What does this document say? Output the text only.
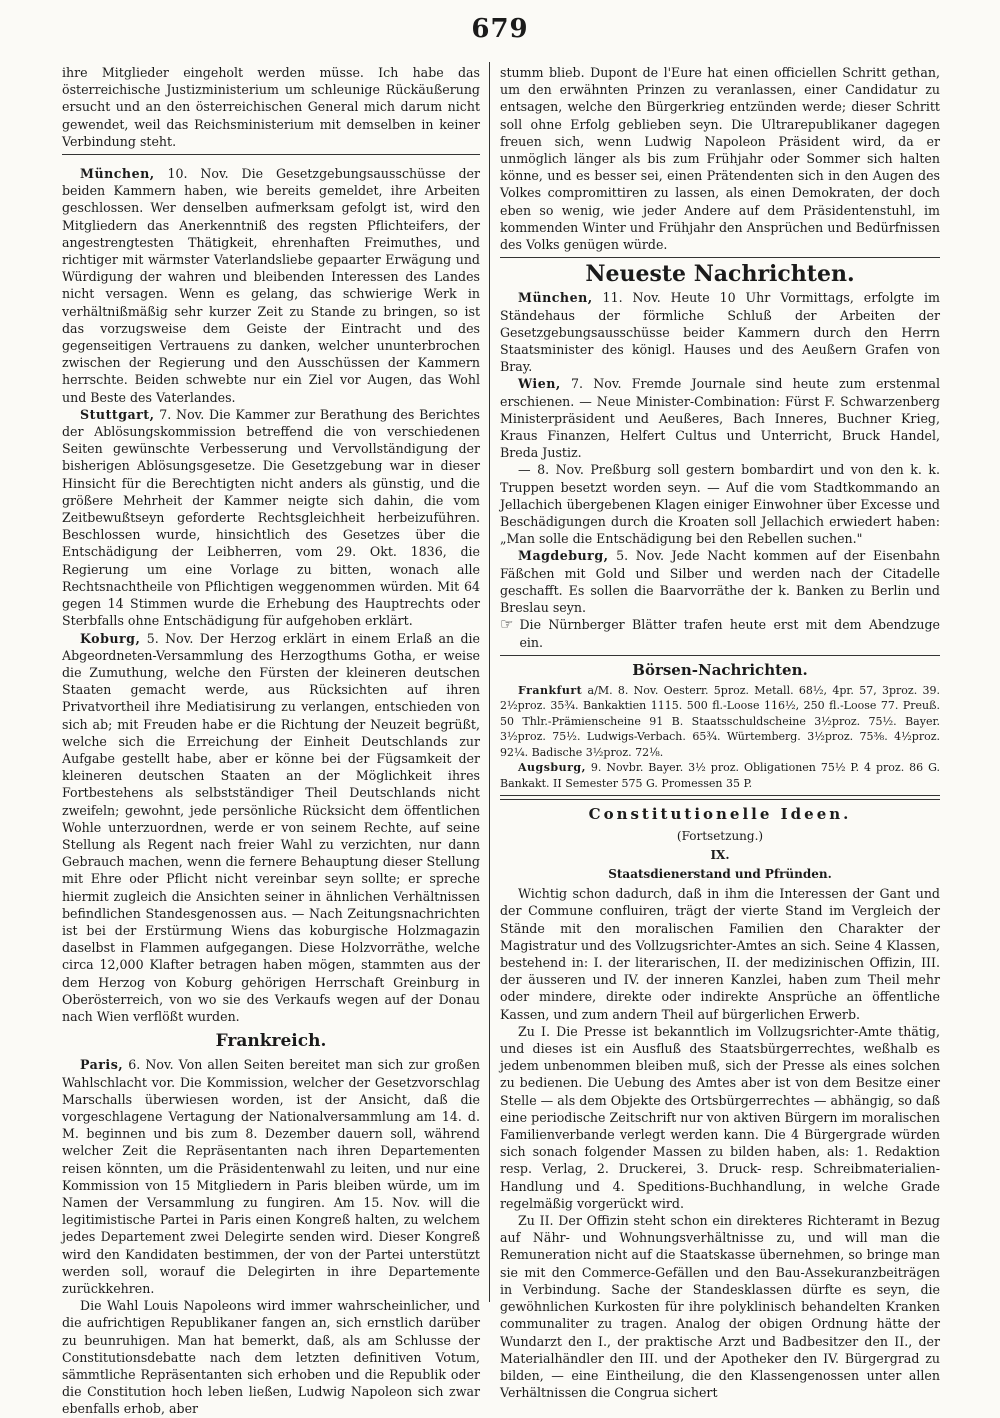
679

ihre Mitglieder eingeholt werden müsse. Ich habe das österreichische Justizministerium um schleunige Rückäußerung ersucht und an den österreichischen General mich darum nicht gewendet, weil das Reichsministerium mit demselben in keiner Verbindung steht.

München, 10. Nov. Die Gesetzgebungsausschüsse der beiden Kammern haben, wie bereits gemeldet, ihre Arbeiten geschlossen. Wer denselben aufmerksam gefolgt ist, wird den Mitgliedern das Anerkenntniß des regsten Pflichteifers, der angestrengtesten Thätigkeit, ehrenhaften Freimuthes, und richtiger mit wärmster Vaterlandsliebe gepaarter Erwägung und Würdigung der wahren und bleibenden Interessen des Landes nicht versagen. Wenn es gelang, das schwierige Werk in verhältnißmäßig sehr kurzer Zeit zu Stande zu bringen, so ist das vorzugsweise dem Geiste der Eintracht und des gegenseitigen Vertrauens zu danken, welcher ununterbrochen zwischen der Regierung und den Ausschüssen der Kammern herrschte. Beiden schwebte nur ein Ziel vor Augen, das Wohl und Beste des Vaterlandes.

Stuttgart, 7. Nov. Die Kammer zur Berathung des Berichtes der Ablösungskommission betreffend die von verschiedenen Seiten gewünschte Verbesserung und Vervollständigung der bisherigen Ablösungsgesetze. Die Gesetzgebung war in dieser Hinsicht für die Berechtigten nicht anders als günstig, und die größere Mehrheit der Kammer neigte sich dahin, die vom Zeitbewußtseyn geforderte Rechtsgleichheit herbeizuführen. Beschlossen wurde, hinsichtlich des Gesetzes über die Entschädigung der Leibherren, vom 29. Okt. 1836, die Regierung um eine Vorlage zu bitten, wonach alle Rechtsnachtheile von Pflichtigen weggenommen würden. Mit 64 gegen 14 Stimmen wurde die Erhebung des Hauptrechts oder Sterbfalls ohne Entschädigung für aufgehoben erklärt.

Koburg, 5. Nov. Der Herzog erklärt in einem Erlaß an die Abgeordneten-Versammlung des Herzogthums Gotha, er weise die Zumuthung, welche den Fürsten der kleineren deutschen Staaten gemacht werde, aus Rücksichten auf ihren Privatvortheil ihre Mediatisirung zu verlangen, entschieden von sich ab; mit Freuden habe er die Richtung der Neuzeit begrüßt, welche sich die Erreichung der Einheit Deutschlands zur Aufgabe gestellt habe, aber er könne bei der Fügsamkeit der kleineren deutschen Staaten an der Möglichkeit ihres Fortbestehens als selbstständiger Theil Deutschlands nicht zweifeln; gewohnt, jede persönliche Rücksicht dem öffentlichen Wohle unterzuordnen, werde er von seinem Rechte, auf seine Stellung als Regent nach freier Wahl zu verzichten, nur dann Gebrauch machen, wenn die fernere Behauptung dieser Stellung mit Ehre oder Pflicht nicht vereinbar seyn sollte; er spreche hiermit zugleich die Ansichten seiner in ähnlichen Verhältnissen befindlichen Standesgenossen aus. — Nach Zeitungsnachrichten ist bei der Erstürmung Wiens das koburgische Holzmagazin daselbst in Flammen aufgegangen. Diese Holzvorräthe, welche circa 12,000 Klafter betragen haben mögen, stammten aus der dem Herzog von Koburg gehörigen Herrschaft Greinburg in Oberösterreich, von wo sie des Verkaufs wegen auf der Donau nach Wien verflößt wurden.

Frankreich.

Paris, 6. Nov. Von allen Seiten bereitet man sich zur großen Wahlschlacht vor. Die Kommission, welcher der Gesetzvorschlag Marschalls überwiesen worden, ist der Ansicht, daß die vorgeschlagene Vertagung der Nationalversammlung am 14. d. M. beginnen und bis zum 8. Dezember dauern soll, während welcher Zeit die Repräsentanten nach ihren Departementen reisen könnten, um die Präsidentenwahl zu leiten, und nur eine Kommission von 15 Mitgliedern in Paris bleiben würde, um im Namen der Versammlung zu fungiren. Am 15. Nov. will die legitimistische Partei in Paris einen Kongreß halten, zu welchem jedes Departement zwei Delegirte senden wird. Dieser Kongreß wird den Kandidaten bestimmen, der von der Partei unterstützt werden soll, worauf die Delegirten in ihre Departemente zurückkehren.

Die Wahl Louis Napoleons wird immer wahrscheinlicher, und die aufrichtigen Republikaner fangen an, sich ernstlich darüber zu beunruhigen. Man hat bemerkt, daß, als am Schlusse der Constitutionsdebatte nach dem letzten definitiven Votum, sämmtliche Repräsentanten sich erhoben und die Republik oder die Constitution hoch leben ließen, Ludwig Napoleon sich zwar ebenfalls erhob, aber

stumm blieb. Dupont de l'Eure hat einen officiellen Schritt gethan, um den erwähnten Prinzen zu veranlassen, einer Candidatur zu entsagen, welche den Bürgerkrieg entzünden werde; dieser Schritt soll ohne Erfolg geblieben seyn. Die Ultrarepublikaner dagegen freuen sich, wenn Ludwig Napoleon Präsident wird, da er unmöglich länger als bis zum Frühjahr oder Sommer sich halten könne, und es besser sei, einen Prätendenten sich in den Augen des Volkes compromittiren zu lassen, als einen Demokraten, der doch eben so wenig, wie jeder Andere auf dem Präsidentenstuhl, im kommenden Winter und Frühjahr den Ansprüchen und Bedürfnissen des Volks genügen würde.

Neueste Nachrichten.

München, 11. Nov. Heute 10 Uhr Vormittags, erfolgte im Ständehaus der förmliche Schluß der Arbeiten der Gesetzgebungsausschüsse beider Kammern durch den Herrn Staatsminister des königl. Hauses und des Aeußern Grafen von Bray.

Wien, 7. Nov. Fremde Journale sind heute zum erstenmal erschienen. — Neue Minister-Combination: Fürst F. Schwarzenberg Ministerpräsident und Aeußeres, Bach Inneres, Buchner Krieg, Kraus Finanzen, Helfert Cultus und Unterricht, Bruck Handel, Breda Justiz.

— 8. Nov. Preßburg soll gestern bombardirt und von den k. k. Truppen besetzt worden seyn. — Auf die vom Stadtkommando an Jellachich übergebenen Klagen einiger Einwohner über Excesse und Beschädigungen durch die Kroaten soll Jellachich erwiedert haben: „Man solle die Entschädigung bei den Rebellen suchen."

Magdeburg, 5. Nov. Jede Nacht kommen auf der Eisenbahn Fäßchen mit Gold und Silber und werden nach der Citadelle geschafft. Es sollen die Baarvorräthe der k. Banken zu Berlin und Breslau seyn.

☞ Die Nürnberger Blätter trafen heute erst mit dem Abendzuge ein.

Börsen-Nachrichten.

Frankfurt a/M. 8. Nov. Oesterr. 5proz. Metall. 68½, 4pr. 57, 3proz. 39. 2½proz. 35¾. Bankaktien 1115. 500 fl.-Loose 116½, 250 fl.-Loose 77. Preuß. 50 Thlr.-Prämienscheine 91 B. Staatsschuldscheine 3½proz. 75½. Bayer. 3½proz. 75½. Ludwigs-Verbach. 65¾. Würtemberg. 3½proz. 75⅜. 4½proz. 92¼. Badische 3½proz. 72⅛.

Augsburg, 9. Novbr. Bayer. 3½ proz. Obligationen 75½ P. 4 proz. 86 G. Bankakt. II Semester 575 G. Promessen 35 P.

Constitutionelle Ideen.
(Fortsetzung.)
IX.
Staatsdienerstand und Pfründen.

Wichtig schon dadurch, daß in ihm die Interessen der Gant und der Commune confluiren, trägt der vierte Stand im Vergleich der Stände mit den moralischen Familien den Charakter der Magistratur und des Vollzugsrichter-Amtes an sich. Seine 4 Klassen, bestehend in: I. der literarischen, II. der medizinischen Offizin, III. der äusseren und IV. der inneren Kanzlei, haben zum Theil mehr oder mindere, direkte oder indirekte Ansprüche an öffentliche Kassen, und zum andern Theil auf bürgerlichen Erwerb.

Zu I. Die Presse ist bekanntlich im Vollzugsrichter-Amte thätig, und dieses ist ein Ausfluß des Staatsbürgerrechtes, weßhalb es jedem unbenommen bleiben muß, sich der Presse als eines solchen zu bedienen. Die Uebung des Amtes aber ist von dem Besitze einer Stelle — als dem Objekte des Ortsbürgerrechtes — abhängig, so daß eine periodische Zeitschrift nur von aktiven Bürgern im moralischen Familienverbande verlegt werden kann. Die 4 Bürgergrade würden sich sonach folgender Massen zu bilden haben, als: 1. Redaktion resp. Verlag, 2. Druckerei, 3. Druck- resp. Schreibmaterialien-Handlung und 4. Speditions-Buchhandlung, in welche Grade regelmäßig vorgerückt wird.

Zu II. Der Offizin steht schon ein direkteres Richteramt in Bezug auf Nähr- und Wohnungsverhältnisse zu, und will man die Remuneration nicht auf die Staatskasse übernehmen, so bringe man sie mit den Commerce-Gefällen und den Bau-Assekuranzbeiträgen in Verbindung. Sache der Standesklassen dürfte es seyn, die gewöhnlichen Kurkosten für ihre polyklinisch behandelten Kranken communaliter zu tragen. Analog der obigen Ordnung hätte der Wundarzt den I., der praktische Arzt und Badbesitzer den II., der Materialhändler den III. und der Apotheker den IV. Bürgergrad zu bilden, — eine Eintheilung, die den Klassengenossen unter allen Verhältnissen die Congrua sichert
